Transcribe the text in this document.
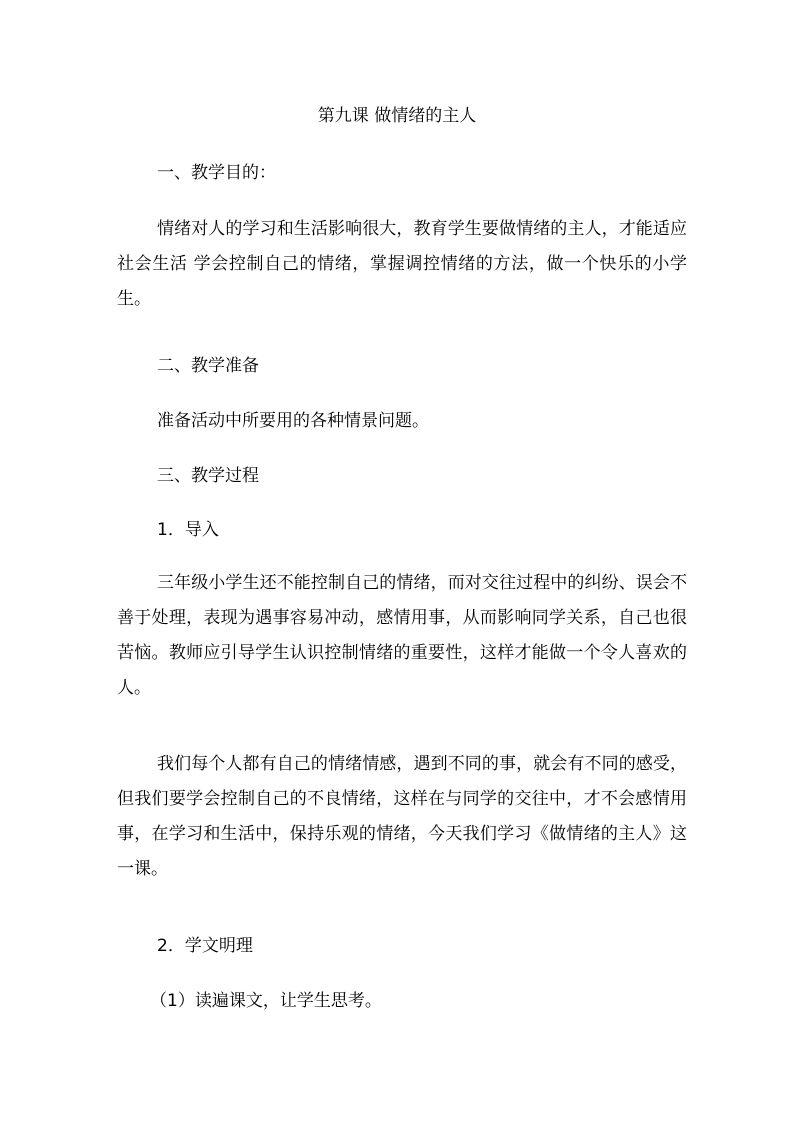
第九课 做情绪的主人
一、教学目的：

情绪对人的学习和生活影响很大，教育学生要做情绪的主人，才能适应社会生活 学会控制自己的情绪，掌握调控情绪的方法，做一个快乐的小学生。

二、教学准备
准备活动中所要用的各种情景问题。
三、教学过程
1．导入

三年级小学生还不能控制自己的情绪，而对交往过程中的纠纷、误会不善于处理，表现为遇事容易冲动，感情用事，从而影响同学关系，自己也很苦恼。教师应引导学生认识控制情绪的重要性，这样才能做一个令人喜欢的人。

我们每个人都有自己的情绪情感，遇到不同的事，就会有不同的感受，但我们要学会控制自己的不良情绪，这样在与同学的交往中，才不会感情用事，在学习和生活中，保持乐观的情绪，今天我们学习《做情绪的主人》这一课。

2．学文明理
（1）读遍课文，让学生思考。
